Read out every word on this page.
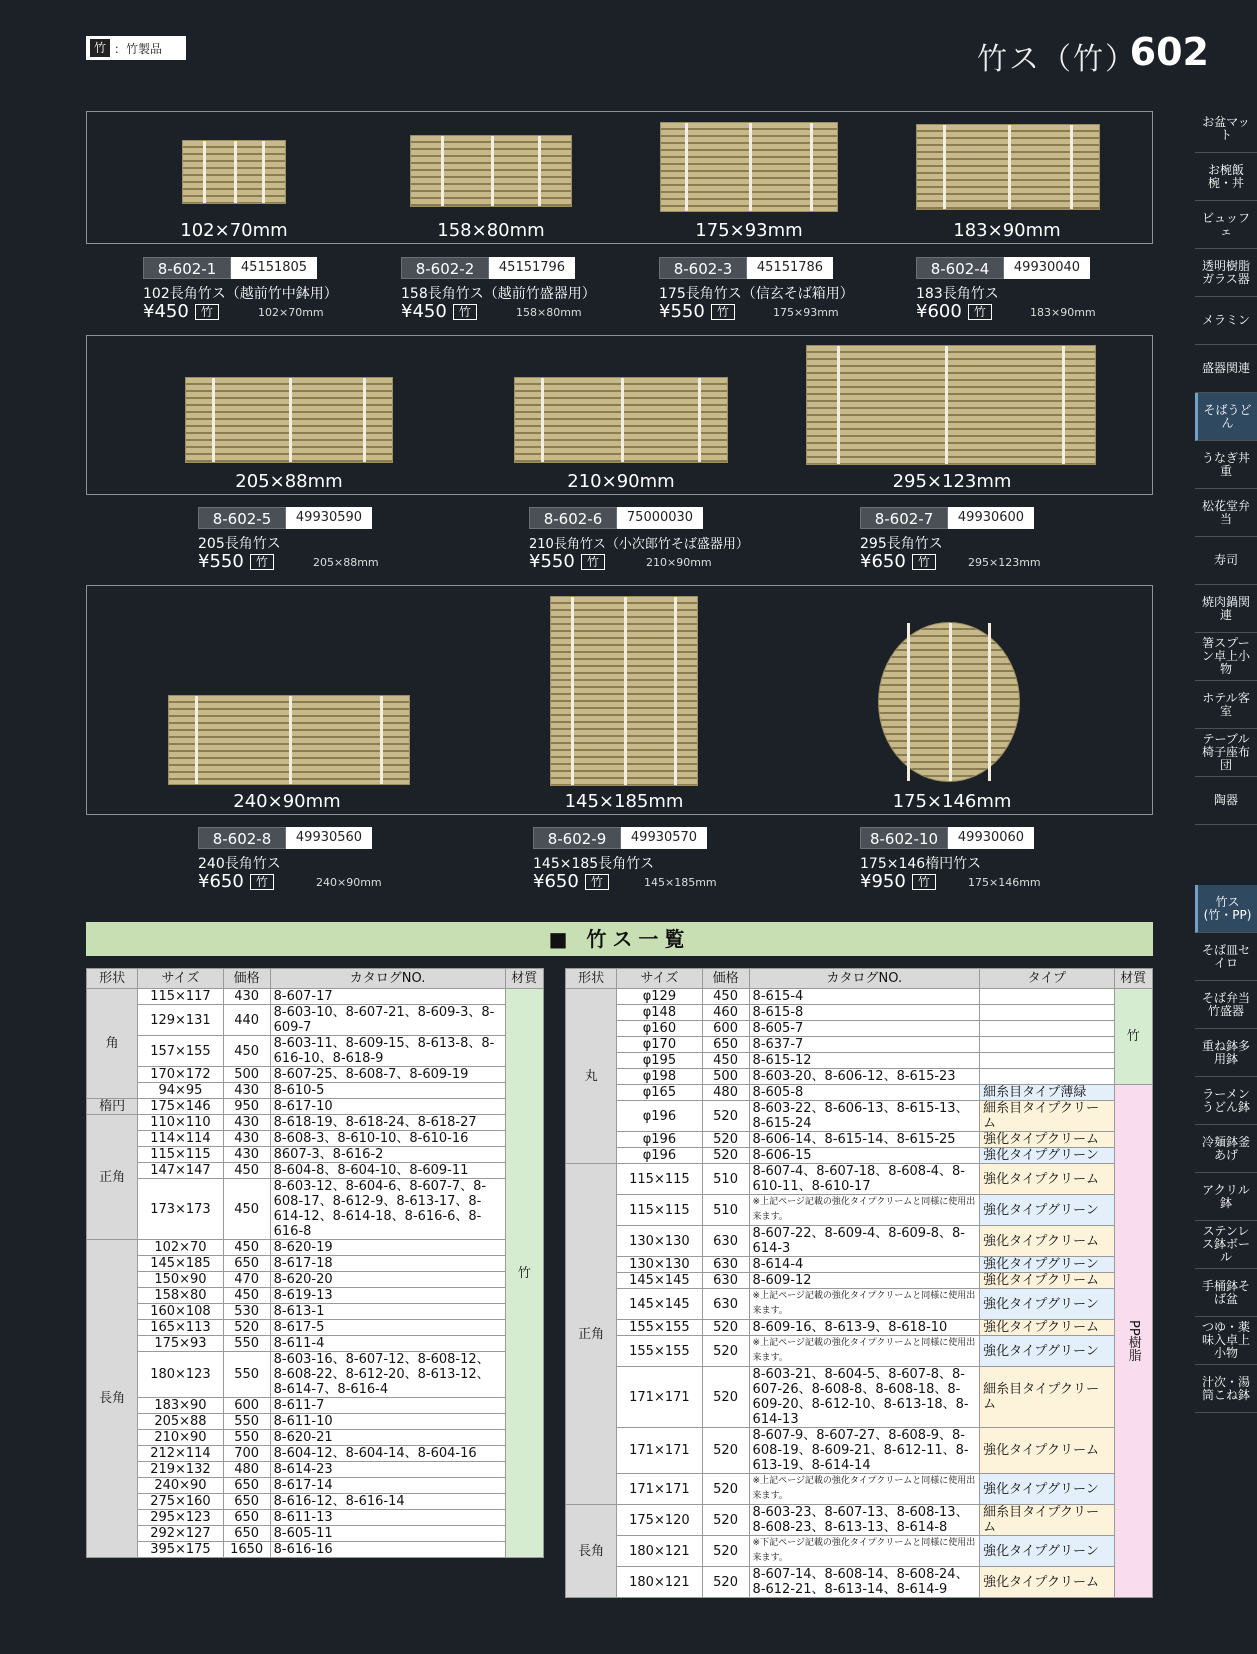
竹 ：竹製品	竹ス（竹）
602
102×70mm	158×80mm	175×93mm	183×90mm
205×88mm	210×90mm	295×123mm
240×90mm	145×185mm	175×146mm
8-602-1	45151805
102長角竹ス（越前竹中鉢用）
¥450	竹	102×70mm
8-602-2	45151796
158長角竹ス（越前竹盛器用）
¥450	竹	158×80mm
8-602-3	45151786
175長角竹ス（信玄そば箱用）
¥550	竹	175×93mm
8-602-4	49930040
183長角竹ス
¥600	竹	183×90mm
8-602-5	49930590
205長角竹ス
¥550	竹	205×88mm
8-602-6	75000030
210長角竹ス（小次郎竹そば盛器用）
¥550	竹	210×90mm
8-602-7	49930600
295長角竹ス
¥650	竹	295×123mm
8-602-8	49930560
240長角竹ス
¥650	竹	240×90mm
8-602-9	49930570
145×185長角竹ス
¥650	竹	145×185mm
8-602-10	49930060
175×146楕円竹ス
¥950	竹	175×146mm
お盆マット
お椀飯椀・丼
ビュッフェ
透明樹脂ガラス器
メラミン
盛器関連
そばうどん
うなぎ丼重
松花堂弁当
寿司
焼肉鍋関連
箸スプーン卓上小物
ホテル客室
テーブル椅子座布団
陶器
竹ス(竹・PP)
そば皿セイロ
そば弁当竹盛器
重ね鉢多用鉢
ラーメンうどん鉢
冷麺鉢釜あげ
アクリル鉢
ステンレス鉢ボール
手桶鉢そば盆
つゆ・薬味入卓上小物
汁次・湯筒こね鉢
■ 竹ス一覧
形状	サイズ	価格	カタログNO.	材質
角	115×117	430	8-607-17	竹
	129×131	440	8-603-10、8-607-21、8-609-3、8-609-7	
	157×155	450	8-603-11、8-609-15、8-613-8、8-616-10、8-618-9	
	170×172	500	8-607-25、8-608-7、8-609-19	
	94×95	430	8-610-5	
楕円	175×146	950	8-617-10	
正角	110×110	430	8-618-19、8-618-24、8-618-27	
	114×114	430	8-608-3、8-610-10、8-610-16	
	115×115	430	8607-3、8-616-2	
	147×147	450	8-604-8、8-604-10、8-609-11	
	173×173	450	8-603-12、8-604-6、8-607-7、8-608-17、8-612-9、8-613-17、8-614-12、8-614-18、8-616-6、8-616-8	
長角	102×70	450	8-620-19	
	145×185	650	8-617-18	
	150×90	470	8-620-20	
	158×80	450	8-619-13	
	160×108	530	8-613-1	
	165×113	520	8-617-5	
	175×93	550	8-611-4	
	180×123	550	8-603-16、8-607-12、8-608-12、8-608-22、8-612-20、8-613-12、8-614-7、8-616-4	
	183×90	600	8-611-7	
	205×88	550	8-611-10	
	210×90	550	8-620-21	
	212×114	700	8-604-12、8-604-14、8-604-16	
	219×132	480	8-614-23	
	240×90	650	8-617-14	
	275×160	650	8-616-12、8-616-14	
	295×123	650	8-611-13	
	292×127	650	8-605-11	
	395×175	1650	8-616-16	
形状	サイズ	価格	カタログNO.	タイプ	材質
丸	φ129	450	8-615-4		竹
	φ148	460	8-615-8		
	φ160	600	8-605-7		
	φ170	650	8-637-7		
	φ195	450	8-615-12		
	φ198	500	8-603-20、8-606-12、8-615-23		
	φ165	480	8-605-8	細糸目タイプ薄緑	PP樹脂
	φ196	520	8-603-22、8-606-13、8-615-13、8-615-24	細糸目タイプクリーム	
	φ196	520	8-606-14、8-615-14、8-615-25	強化タイプクリーム	
	φ196	520	8-606-15	強化タイプグリーン	
正角	115×115	510	8-607-4、8-607-18、8-608-4、8-610-11、8-610-17	強化タイプクリーム	
	115×115	510	※上記ページ記載の強化タイプクリームと同様に使用出来ます。	強化タイプグリーン	
	130×130	630	8-607-22、8-609-4、8-609-8、8-614-3	強化タイプクリーム	
	130×130	630	8-614-4	強化タイプグリーン	
	145×145	630	8-609-12	強化タイプクリーム	
	145×145	630	※上記ページ記載の強化タイプクリームと同様に使用出来ます。	強化タイプグリーン	
	155×155	520	8-609-16、8-613-9、8-618-10	強化タイプクリーム	
	155×155	520	※上記ページ記載の強化タイプクリームと同様に使用出来ます。	強化タイプグリーン	
	171×171	520	8-603-21、8-604-5、8-607-8、8-607-26、8-608-8、8-608-18、8-609-20、8-612-10、8-613-18、8-614-13	細糸目タイプクリーム	
	171×171	520	8-607-9、8-607-27、8-608-9、8-608-19、8-609-21、8-612-11、8-613-19、8-614-14	強化タイプクリーム	
	171×171	520	※上記ページ記載の強化タイプクリームと同様に使用出来ます。	強化タイプグリーン	
長角	175×120	520	8-603-23、8-607-13、8-608-13、8-608-23、8-613-13、8-614-8	細糸目タイプクリーム	
	180×121	520	※下記ページ記載の強化タイプクリームと同様に使用出来ます。	強化タイプグリーン	
	180×121	520	8-607-14、8-608-14、8-608-24、8-612-21、8-613-14、8-614-9	強化タイプクリーム	
